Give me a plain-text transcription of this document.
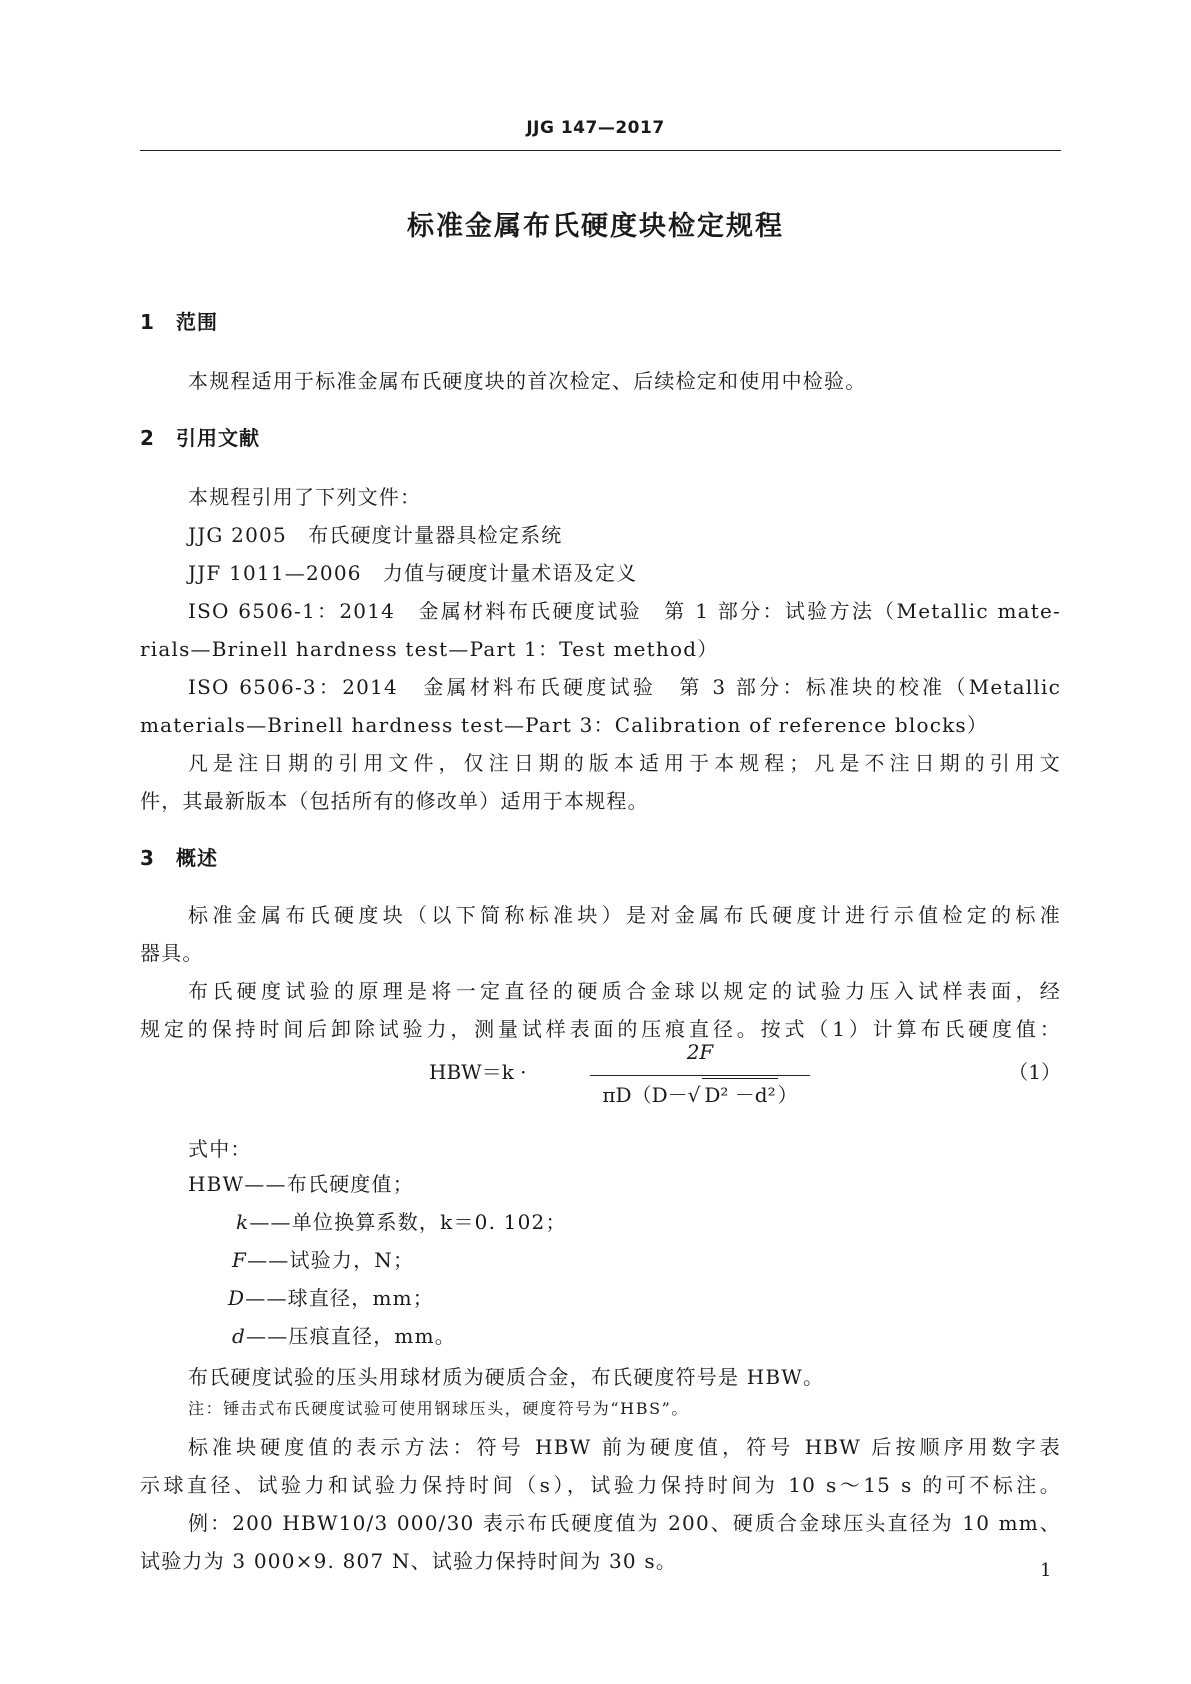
JJG 147—2017
标准金属布氏硬度块检定规程
1 范围
本规程适用于标准金属布氏硬度块的首次检定、后续检定和使用中检验。
2 引用文献
本规程引用了下列文件：
JJG 2005　布氏硬度计量器具检定系统
JJF 1011—2006　力值与硬度计量术语及定义
ISO 6506-1：2014　金属材料布氏硬度试验　第 1 部分：试验方法（Metallic mate-
rials—Brinell hardness test—Part 1：Test method）
ISO 6506-3：2014　金属材料布氏硬度试验　第 3 部分：标准块的校准（Metallic
materials—Brinell hardness test—Part 3：Calibration of reference blocks）
凡是注日期的引用文件，仅注日期的版本适用于本规程；凡是不注日期的引用文
件，其最新版本（包括所有的修改单）适用于本规程。
3 概述
标准金属布氏硬度块（以下简称标准块）是对金属布氏硬度计进行示值检定的标准
器具。
布氏硬度试验的原理是将一定直径的硬质合金球以规定的试验力压入试样表面，经
规定的保持时间后卸除试验力，测量试样表面的压痕直径。按式（1）计算布氏硬度值：
HBW＝k ·
2F
πD（D－√ D² －d² ）
（1）
式中：
HBW——布氏硬度值；
k——单位换算系数，k＝0. 102；
F——试验力，N；
D——球直径，mm；
d——压痕直径，mm。
布氏硬度试验的压头用球材质为硬质合金，布氏硬度符号是 HBW。
注：锤击式布氏硬度试验可使用钢球压头，硬度符号为“HBS”。
标准块硬度值的表示方法：符号 HBW 前为硬度值，符号 HBW 后按顺序用数字表
示球直径、试验力和试验力保持时间（s），试验力保持时间为 10 s～15 s 的可不标注。
例：200 HBW10/3 000/30 表示布氏硬度值为 200、硬质合金球压头直径为 10 mm、
试验力为 3 000×9. 807 N、试验力保持时间为 30 s。	1
